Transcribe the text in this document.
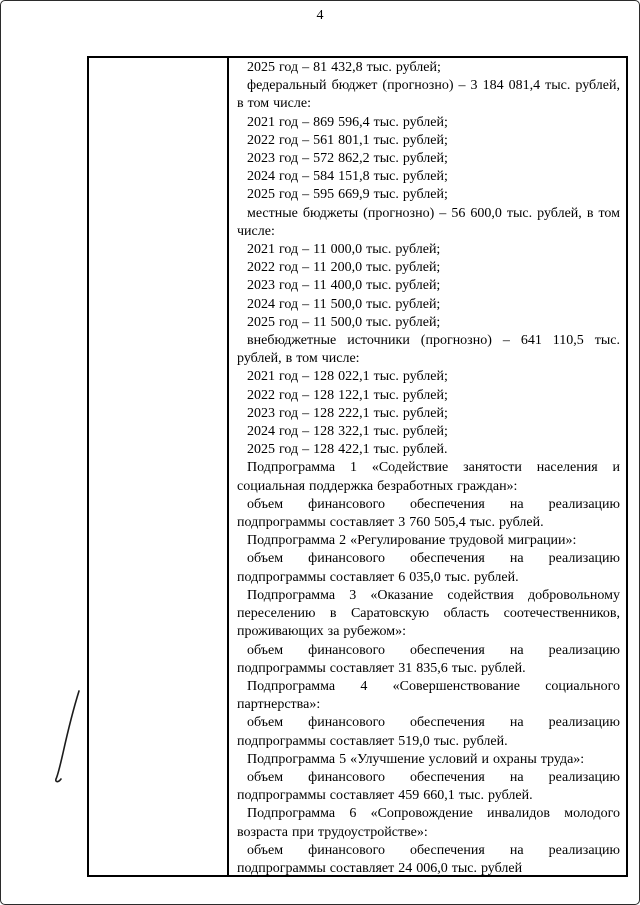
4

2025 год – 81 432,8 тыс. рублей;

федеральный бюджет (прогнозно) – 3 184 081,4 тыс. рублей, в том числе:

2021 год – 869 596,4 тыс. рублей;

2022 год – 561 801,1 тыс. рублей;

2023 год – 572 862,2 тыс. рублей;

2024 год – 584 151,8 тыс. рублей;

2025 год – 595 669,9 тыс. рублей;

местные бюджеты (прогнозно) – 56 600,0 тыс. рублей, в том числе:

2021 год – 11 000,0 тыс. рублей;

2022 год – 11 200,0 тыс. рублей;

2023 год – 11 400,0 тыс. рублей;

2024 год – 11 500,0 тыс. рублей;

2025 год – 11 500,0 тыс. рублей;

внебюджетные источники (прогнозно) – 641 110,5 тыс. рублей, в том числе:

2021 год – 128 022,1 тыс. рублей;

2022 год – 128 122,1 тыс. рублей;

2023 год – 128 222,1 тыс. рублей;

2024 год – 128 322,1 тыс. рублей;

2025 год – 128 422,1 тыс. рублей.

Подпрограмма 1 «Содействие занятости населения и социальная поддержка безработных граждан»:

объем финансового обеспечения на реализацию подпрограммы составляет 3 760 505,4 тыс. рублей.

Подпрограмма 2 «Регулирование трудовой миграции»:

объем финансового обеспечения на реализацию подпрограммы составляет 6 035,0 тыс. рублей.

Подпрограмма 3 «Оказание содействия добровольному переселению в Саратовскую область соотечественников, проживающих за рубежом»:

объем финансового обеспечения на реализацию подпрограммы составляет 31 835,6 тыс. рублей.

Подпрограмма 4 «Совершенствование социального партнерства»:

объем финансового обеспечения на реализацию подпрограммы составляет 519,0 тыс. рублей.

Подпрограмма 5 «Улучшение условий и охраны труда»:

объем финансового обеспечения на реализацию подпрограммы составляет 459 660,1 тыс. рублей.

Подпрограмма 6 «Сопровождение инвалидов молодого возраста при трудоустройстве»:

объем финансового обеспечения на реализацию подпрограммы составляет 24 006,0 тыс. рублей
